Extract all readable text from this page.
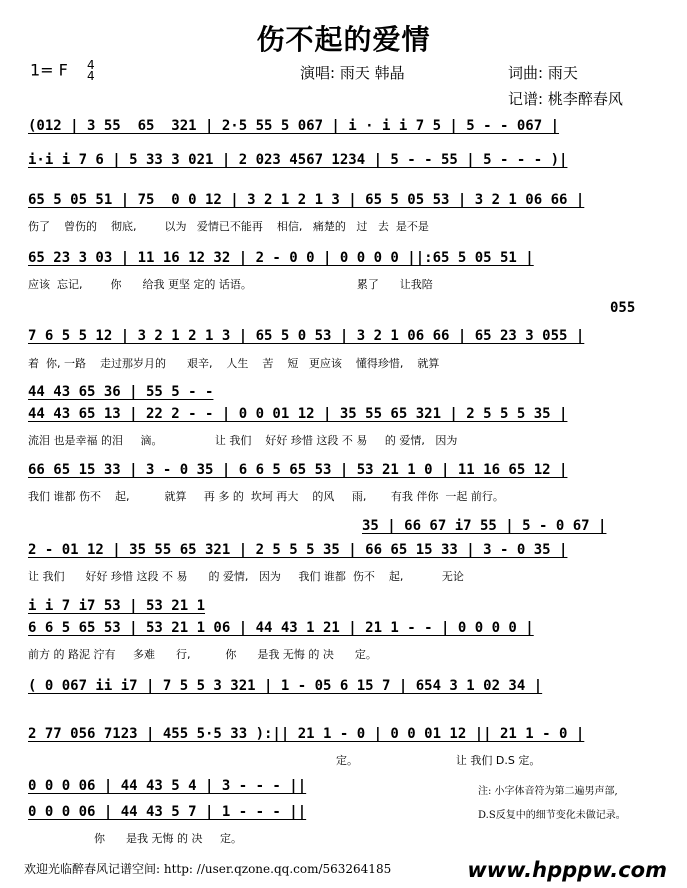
伤不起的爱情
1= F 4
4	演唱: 雨天 韩晶	词曲: 雨天
记谱: 桃李醉春风
(012 | 3 55  65  321 | 2·5 55 5 067 | i · i i 7 5 | 5 - - 067 |
i·i i 7 6 | 5 33 3 021 | 2 023 4567 1234 | 5 - - 55 | 5 - - - )|
65 5 05 51 | 75  0 0 12 | 3 2 1 2 1 3 | 65 5 05 53 | 3 2 1 06 66 |
伤了    曾伤的    彻底,        以为   爱情已不能再    相信,   痛楚的   过   去  是不是
65 23 3 03 | 11 16 12 32 | 2 - 0 0 | 0 0 0 0 ||:65 5 05 51 |
应该  忘记,        你      给我 更坚 定的 话语。                              累了      让我陪
055
7 6 5 5 12 | 3 2 1 2 1 3 | 65 5 0 53 | 3 2 1 06 66 | 65 23 3 055 |
着  你, 一路    走过那岁月的      艰辛,    人生    苦    短   更应该    懂得珍惜,    就算
44 43 65 36 | 55 5 - -
44 43 65 13 | 22 2 - - | 0 0 01 12 | 35 55 65 321 | 2 5 5 5 35 |
流泪 也是幸福 的泪     滴。               让 我们    好好 珍惜 这段 不 易     的 爱情,   因为
66 65 15 33 | 3 - 0 35 | 6 6 5 65 53 | 53 21 1 0 | 11 16 65 12 |
我们 谁都 伤不    起,          就算     再 多 的  坎坷 再大    的风     雨,       有我 伴你  一起 前行。
35 | 66 67 i7 55 | 5 - 0 67 |
2 - 01 12 | 35 55 65 321 | 2 5 5 5 35 | 66 65 15 33 | 3 - 0 35 |
让 我们      好好 珍惜 这段 不 易      的 爱情,   因为     我们 谁都  伤不    起,           无论
i i 7 i7 53 | 53 21 1
6 6 5 65 53 | 53 21 1 06 | 44 43 1 21 | 21 1 - - | 0 0 0 0 |
前方 的 路泥 泞有     多难      行,          你      是我 无悔 的 决      定。
( 0 067 ii i7 | 7 5 5 3 321 | 1 - 05 6 15 7 | 654 3 1 02 34 |
2 77 056 7123 | 455 5·5 33 ):|| 21 1 - 0 | 0 0 01 12 || 21 1 - 0 |
定。                            让 我们 D.S 定。
0 0 0 06 | 44 43 5 4 | 3 - - - ||
0 0 0 06 | 44 43 5 7 | 1 - - - ||
你      是我 无悔 的 决     定。
注: 小字体音符为第二遍男声部,
D.S反复中的细节变化未做记录。
欢迎光临醉春风记谱空间: http: //user.qzone.qq.com/563264185	www.hpppw.com
